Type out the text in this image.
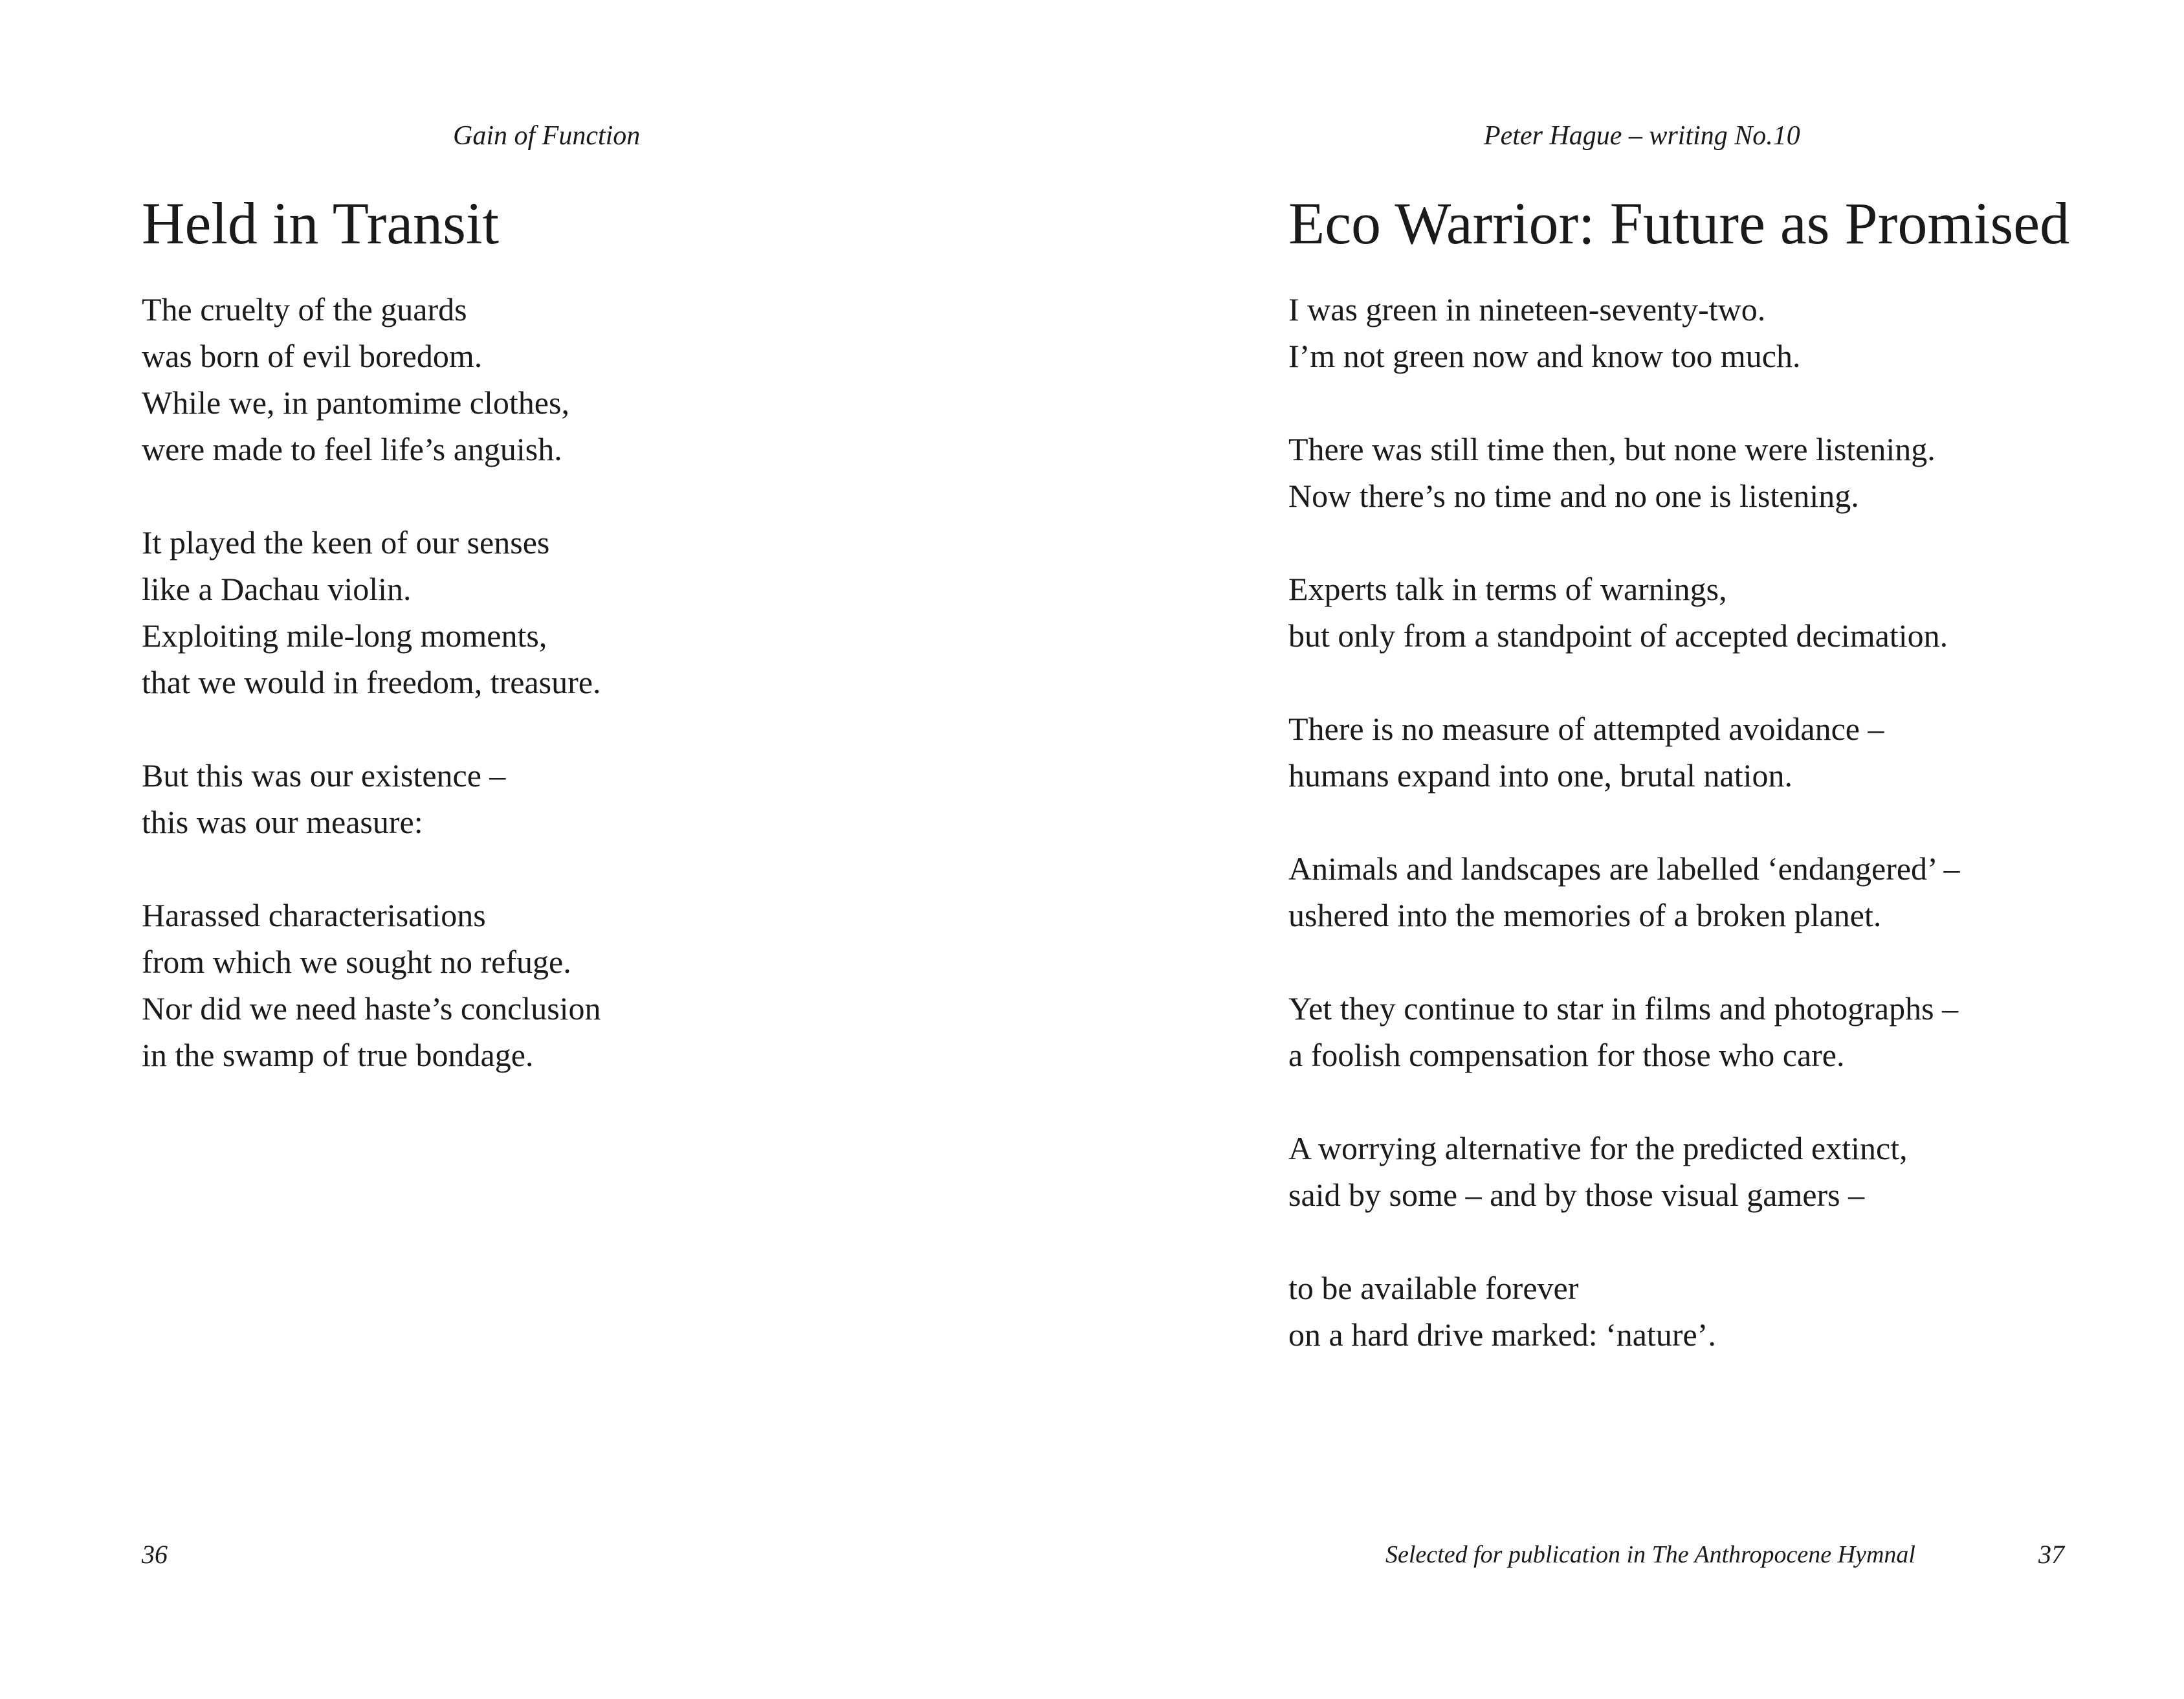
Gain of Function
Held in Transit

The cruelty of the guards
was born of evil boredom.
While we, in pantomime clothes,
were made to feel life’s anguish.

It played the keen of our senses
like a Dachau violin.
Exploiting mile-long moments,
that we would in freedom, treasure.

But this was our existence –
this was our measure:

Harassed characterisations
from which we sought no refuge.
Nor did we need haste’s conclusion
in the swamp of true bondage.

36
Peter Hague – writing No.10
Eco Warrior: Future as Promised

I was green in nineteen-seventy-two.
I’m not green now and know too much.

There was still time then, but none were listening.
Now there’s no time and no one is listening.

Experts talk in terms of warnings,
but only from a standpoint of accepted decimation.

There is no measure of attempted avoidance –
humans expand into one, brutal nation.

Animals and landscapes are labelled ‘endangered’ –
ushered into the memories of a broken planet.

Yet they continue to star in films and photographs –
a foolish compensation for those who care.

A worrying alternative for the predicted extinct,
said by some – and by those visual gamers –

to be available forever
on a hard drive marked: ‘nature’.

Selected for publication in The Anthropocene Hymnal	37
